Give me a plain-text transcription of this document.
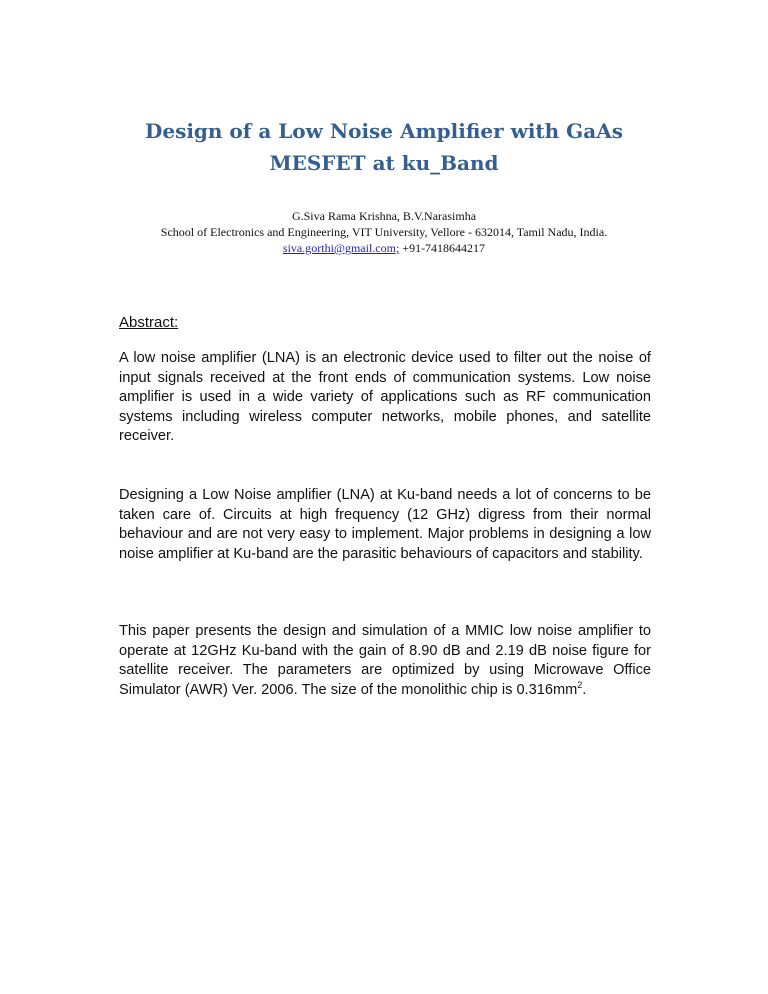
Design of a Low Noise Amplifier with GaAs
MESFET at ku_Band
G.Siva Rama Krishna, B.V.Narasimha
School of Electronics and Engineering, VIT University, Vellore - 632014, Tamil Nadu, India.
siva.gorthi@gmail.com; +91-7418644217
Abstract:
A low noise amplifier (LNA) is an electronic device used to filter out the noise of input signals received at the front ends of communication systems. Low noise amplifier is used in a wide variety of applications such as RF communication systems including wireless computer networks, mobile phones, and satellite receiver.
Designing a Low Noise amplifier (LNA) at Ku-band needs a lot of concerns to be taken care of. Circuits at high frequency (12 GHz) digress from their normal behaviour and are not very easy to implement. Major problems in designing a low noise amplifier at Ku-band are the parasitic behaviours of capacitors and stability.
This paper presents the design and simulation of a MMIC low noise amplifier to operate at 12GHz Ku-band with the gain of 8.90 dB and 2.19 dB noise figure for satellite receiver. The parameters are optimized by using Microwave Office Simulator (AWR) Ver. 2006. The size of the monolithic chip is $0.316mm^2$.
